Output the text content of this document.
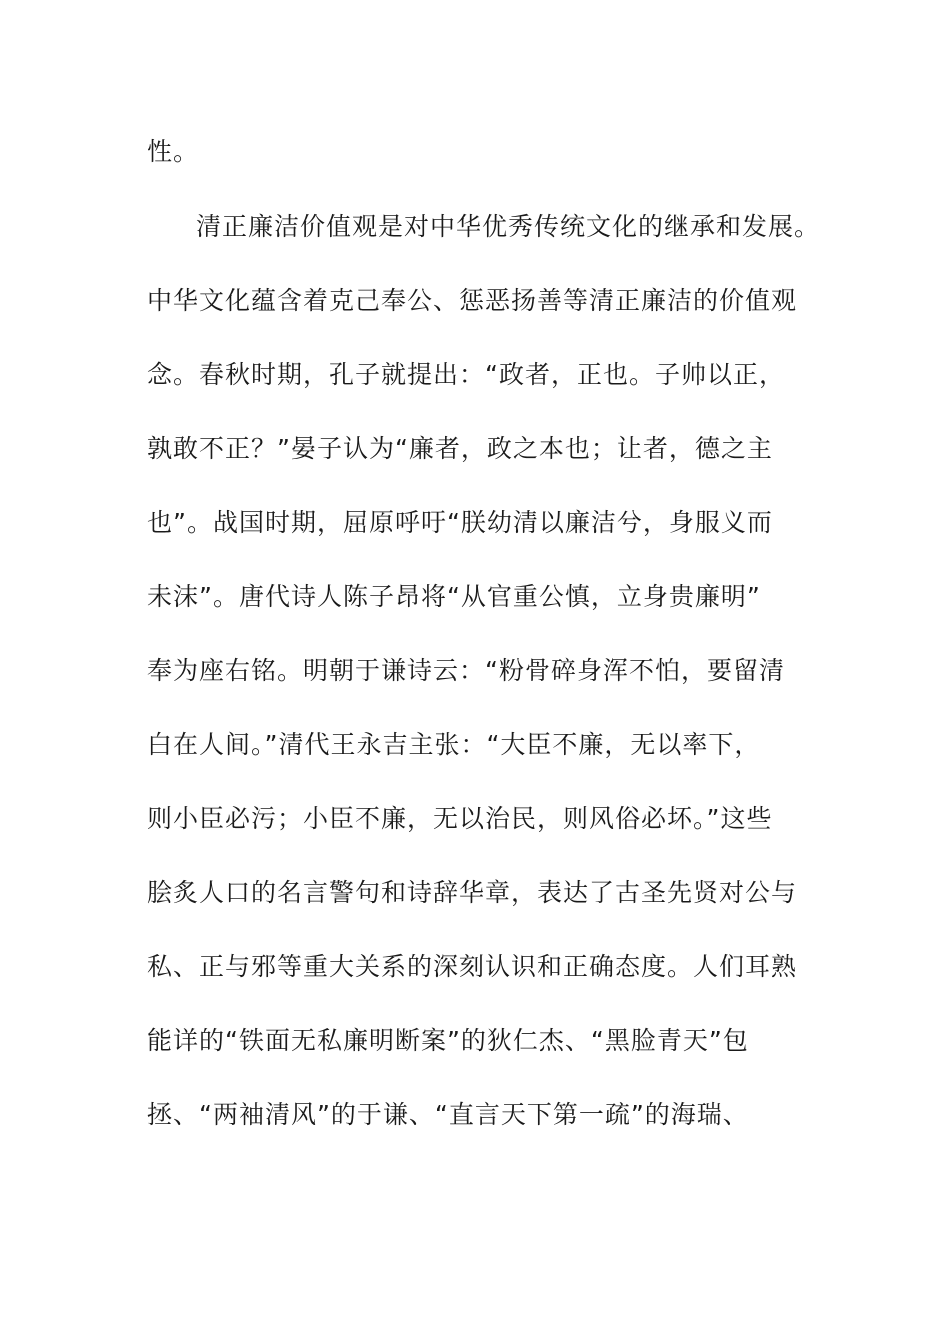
性。
清正廉洁价值观是对中华优秀传统文化的继承和发展。
中华文化蕴含着克己奉公、惩恶扬善等清正廉洁的价值观
念。春秋时期，孔子就提出：“政者，正也。子帅以正，
孰敢不正？”晏子认为“廉者，政之本也；让者，德之主
也”。战国时期，屈原呼吁“朕幼清以廉洁兮，身服义而
未沫”。唐代诗人陈子昂将“从官重公慎，立身贵廉明”
奉为座右铭。明朝于谦诗云：“粉骨碎身浑不怕，要留清
白在人间。”清代王永吉主张：“大臣不廉，无以率下，
则小臣必污；小臣不廉，无以治民，则风俗必坏。”这些
脍炙人口的名言警句和诗辞华章，表达了古圣先贤对公与
私、正与邪等重大关系的深刻认识和正确态度。人们耳熟
能详的“铁面无私廉明断案”的狄仁杰、“黑脸青天”包
拯、“两袖清风”的于谦、“直言天下第一疏”的海瑞、
